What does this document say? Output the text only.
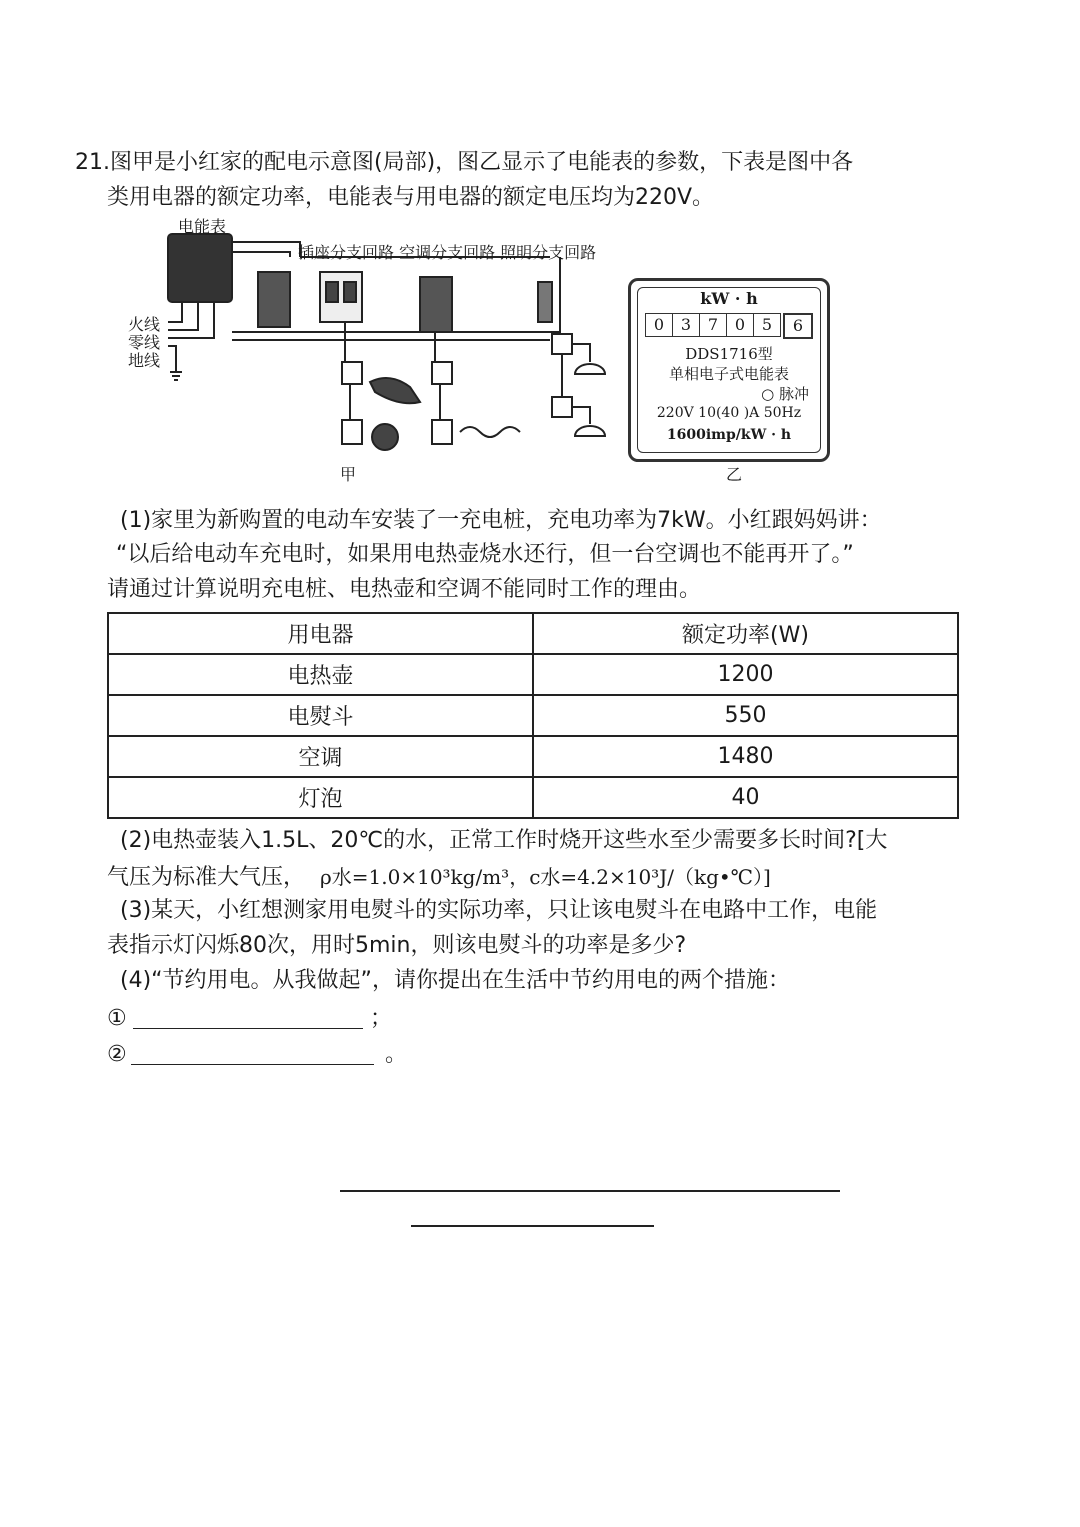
21.图甲是小红家的配电示意图(局部)，图乙显示了电能表的参数，下表是图中各
类用电器的额定功率，电能表与用电器的额定电压均为220V。
电能表
插座分支回路 空调分支回路 照明分支回路
火线
零线
地线
甲
kW · h
0	3	7	0	5	6
DDS1716型
单相电子式电能表
○ 脉冲
220V 10(40 )A 50Hz
1600imp/kW · h
乙
(1)家里为新购置的电动车安装了一充电桩，充电功率为7kW。小红跟妈妈讲：
“以后给电动车充电时，如果用电热壶烧水还行，但一台空调也不能再开了。”
请通过计算说明充电桩、电热壶和空调不能同时工作的理由。
用电器	额定功率(W)
电热壶	1200
电熨斗	550
空调	1480
灯泡	40
(2)电热壶装入1.5L、20℃的水，正常工作时烧开这些水至少需要多长时间?[大
气压为标准大气压， ρ水=1.0×10³kg/m³，c水=4.2×10³J/（kg•℃）]
(3)某天，小红想测家用电熨斗的实际功率，只让该电熨斗在电路中工作，电能
表指示灯闪烁80次，用时5min，则该电熨斗的功率是多少?
(4)“节约用电。从我做起”，请你提出在生活中节约用电的两个措施：
①	；
②	。
